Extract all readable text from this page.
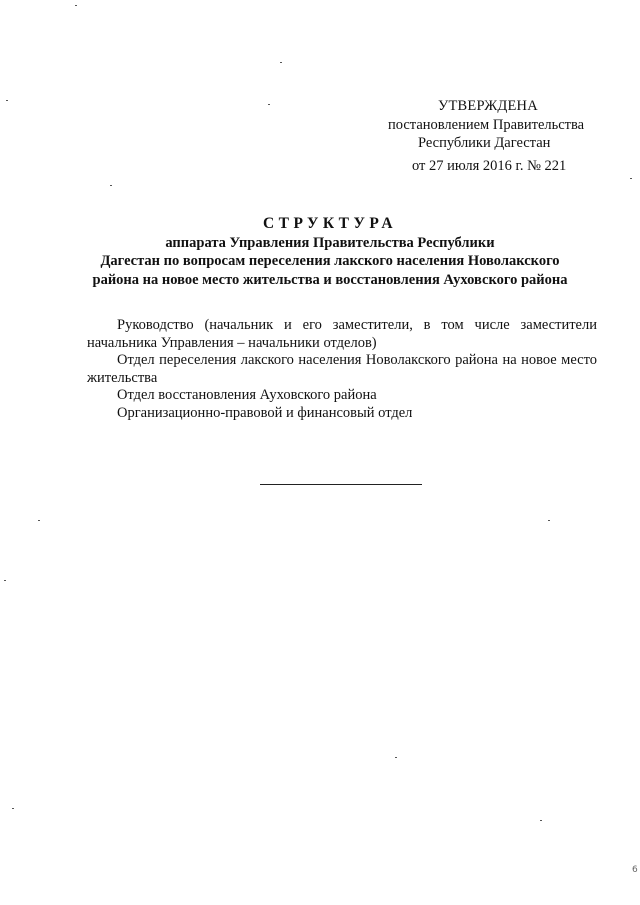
УТВЕРЖДЕНА
постановлением Правительства
Республики Дагестан
от 27 июля 2016 г. № 221
СТРУКТУРА
аппарата Управления Правительства Республики
Дагестан по вопросам переселения лакского населения Новолакского
района на новое место жительства и восстановления Ауховского района

Руководство (начальник и его заместители, в том числе заместители начальника Управления – начальники отделов)

Отдел переселения лакского населения Новолакского района на новое место жительства

Отдел восстановления Ауховского района

Организационно-правовой и финансовый отдел

6
